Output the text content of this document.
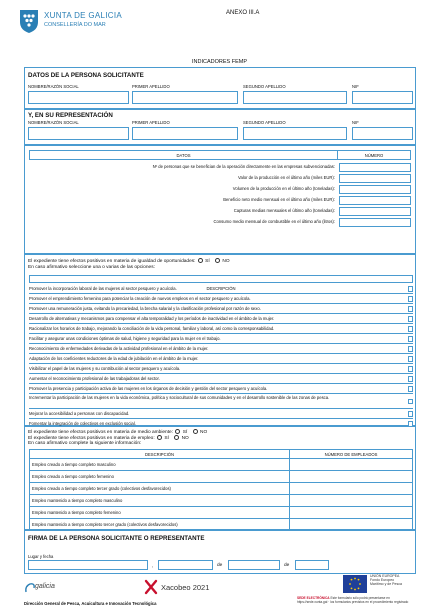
XUNTA DE GALICIA
CONSELLERÍA DO MAR
ANEXO III.A
INDICADORES FEMP
DATOS DE LA PERSONA SOLICITANTE
NOMBRE/RAZÓN SOCIAL	PRIMER APELLIDO	SEGUNDO APELLIDO	NIF
Y, EN SU REPRESENTACIÓN
NOMBRE/RAZÓN SOCIAL	PRIMER APELLIDO	SEGUNDO APELLIDO	NIF
DATOS	NÚMERO
Nº de personas que se benefician de la operación directamente en las empresas subvencionadas:
Valor de la producción en el último año (miles EUR):
Volumen de la producción en el último año (toneladas):
Beneficio neto medio mensual en el último año (miles EUR):
Capturas medias mensuales el último año (toneladas):
Consumo medio mensual de combustible en el último año (litros):
El expediente tiene efectos positivos en materia de igualdad de oportunidades: SÍ	NO
En caso afirmativo seleccione una o varias de las opciones:
DESCRIPCIÓN
Promover la incorporación laboral de las mujeres al sector pesquero y acuícola.
Promover el emprendimiento femenino para potenciar la creación de nuevos empleos en el sector pesquero y acuícola.
Promover una remuneración justa, evitando la precariedad, la brecha salarial y la clasificación profesional por razón de sexo.
Desarrollo de alternativas y mecanismos para compensar el alta temporalidad y los períodos de inactividad en el ámbito de la mujer.
Racionalizar los horarios de trabajo, mejorando la conciliación de la vida personal, familiar y laboral, así como la corresponsabilidad.
Facilitar y asegurar unas condiciones óptimas de salud, higiene y seguridad para la mujer en el trabajo.
Reconocimiento de enfermedades derivadas de la actividad profesional en el ámbito de la mujer.
Adaptación de los coeficientes reductores de la edad de jubilación en el ámbito de la mujer.
Visibilizar el papel de las mujeres y su contribución al sector pesquero y acuícola.
Aumentar el reconocimiento profesional de las trabajadoras del sector.
Promover la presencia y participación activa de las mujeres en los órganos de decisión y gestión del sector pesquero y acuícola.
Incrementar la participación de las mujeres en la vida económica, política y sociocultural de sus comunidades y en el desarrollo sostenible de las zonas de pesca.
Mejorar la accesibilidad a personas con discapacidad.
Fomentar la integración de colectivos en exclusión social.
El expediente tiene efectos positivos en materia de medio ambiente: SÍ	NO
El expediente tiene efectos positivos en materia de empleo: SÍ	NO
En caso afirmativo complete la siguiente información:
DESCRIPCIÓN	NÚMERO DE EMPLEADOS
Empleo creado a tiempo completo masculino	
Empleo creado a tiempo completo femenino	
Empleo creado a tiempo completo tercer grado (colectivos desfavorecidos)	
Empleo mantenido a tiempo completo masculino	
Empleo mantenido a tiempo completo femenino	
Empleo mantenido a tiempo completo tercer grado (colectivos desfavorecidos)	
FIRMA DE LA PERSONA SOLICITANTE O REPRESENTANTE
Lugar y fecha
,	de	de
galicia	Xacobeo 2021
UNIÓN EUROPEA
Fondo Europeo
Marítimo y de Pesca
Dirección General de Pesca, Acuicultura e Innovación Tecnológica
SEDE ELECTRÓNICA Este formulario sólo podrá presentarse en https://sede.xunta.gal · los formularios previstos en el procedimiento registrado
